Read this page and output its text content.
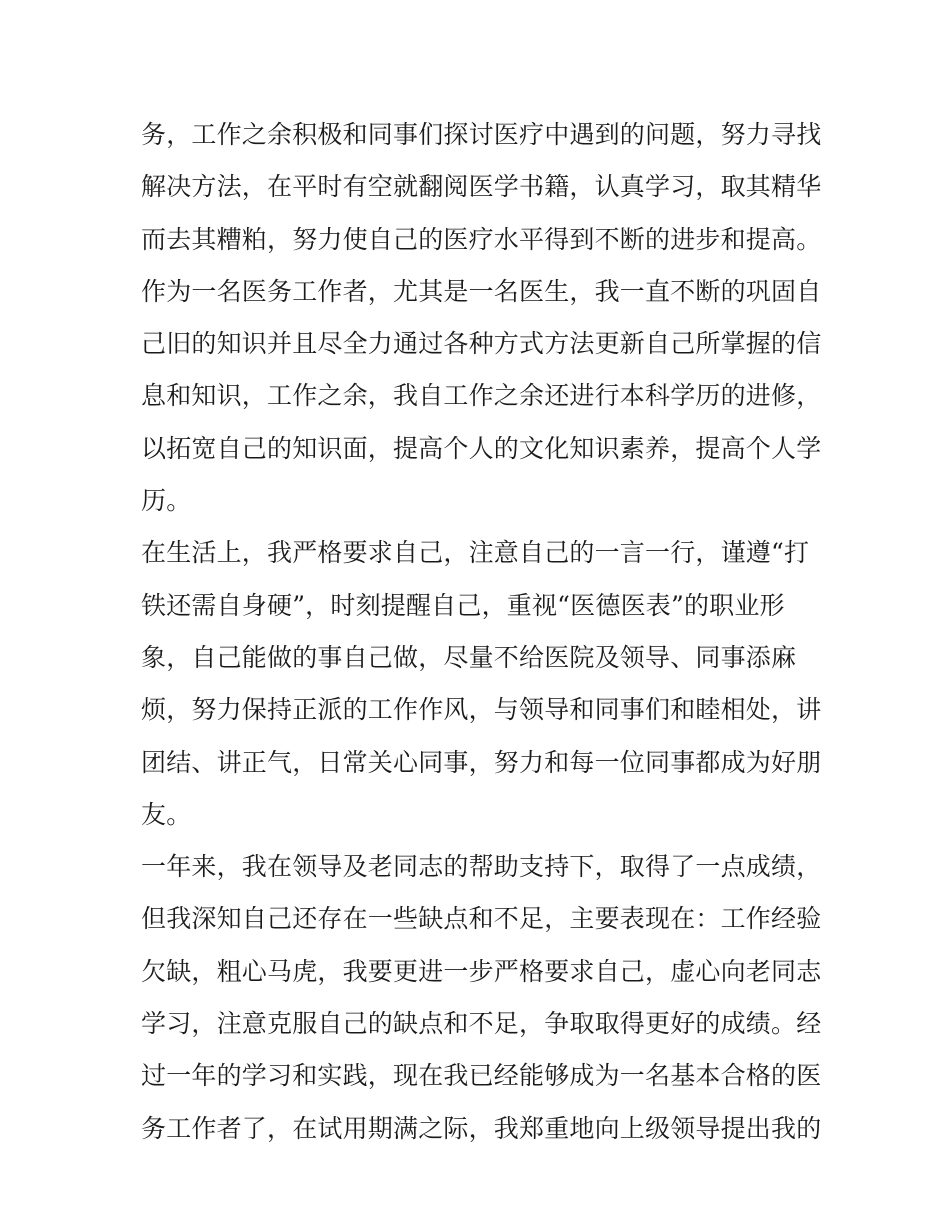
务，工作之余积极和同事们探讨医疗中遇到的问题，努力寻找
解决方法，在平时有空就翻阅医学书籍，认真学习，取其精华
而去其糟粕，努力使自己的医疗水平得到不断的进步和提高。
作为一名医务工作者，尤其是一名医生，我一直不断的巩固自
己旧的知识并且尽全力通过各种方式方法更新自己所掌握的信
息和知识，工作之余，我自工作之余还进行本科学历的进修，
以拓宽自己的知识面，提高个人的文化知识素养，提高个人学
历。
在生活上，我严格要求自己，注意自己的一言一行，谨遵“打
铁还需自身硬”，时刻提醒自己，重视“医德医表”的职业形
象，自己能做的事自己做，尽量不给医院及领导、同事添麻
烦，努力保持正派的工作作风，与领导和同事们和睦相处，讲
团结、讲正气，日常关心同事，努力和每一位同事都成为好朋
友。
一年来，我在领导及老同志的帮助支持下，取得了一点成绩，
但我深知自己还存在一些缺点和不足，主要表现在：工作经验
欠缺，粗心马虎，我要更进一步严格要求自己，虚心向老同志
学习，注意克服自己的缺点和不足，争取取得更好的成绩。经
过一年的学习和实践，现在我已经能够成为一名基本合格的医
务工作者了，在试用期满之际，我郑重地向上级领导提出我的
